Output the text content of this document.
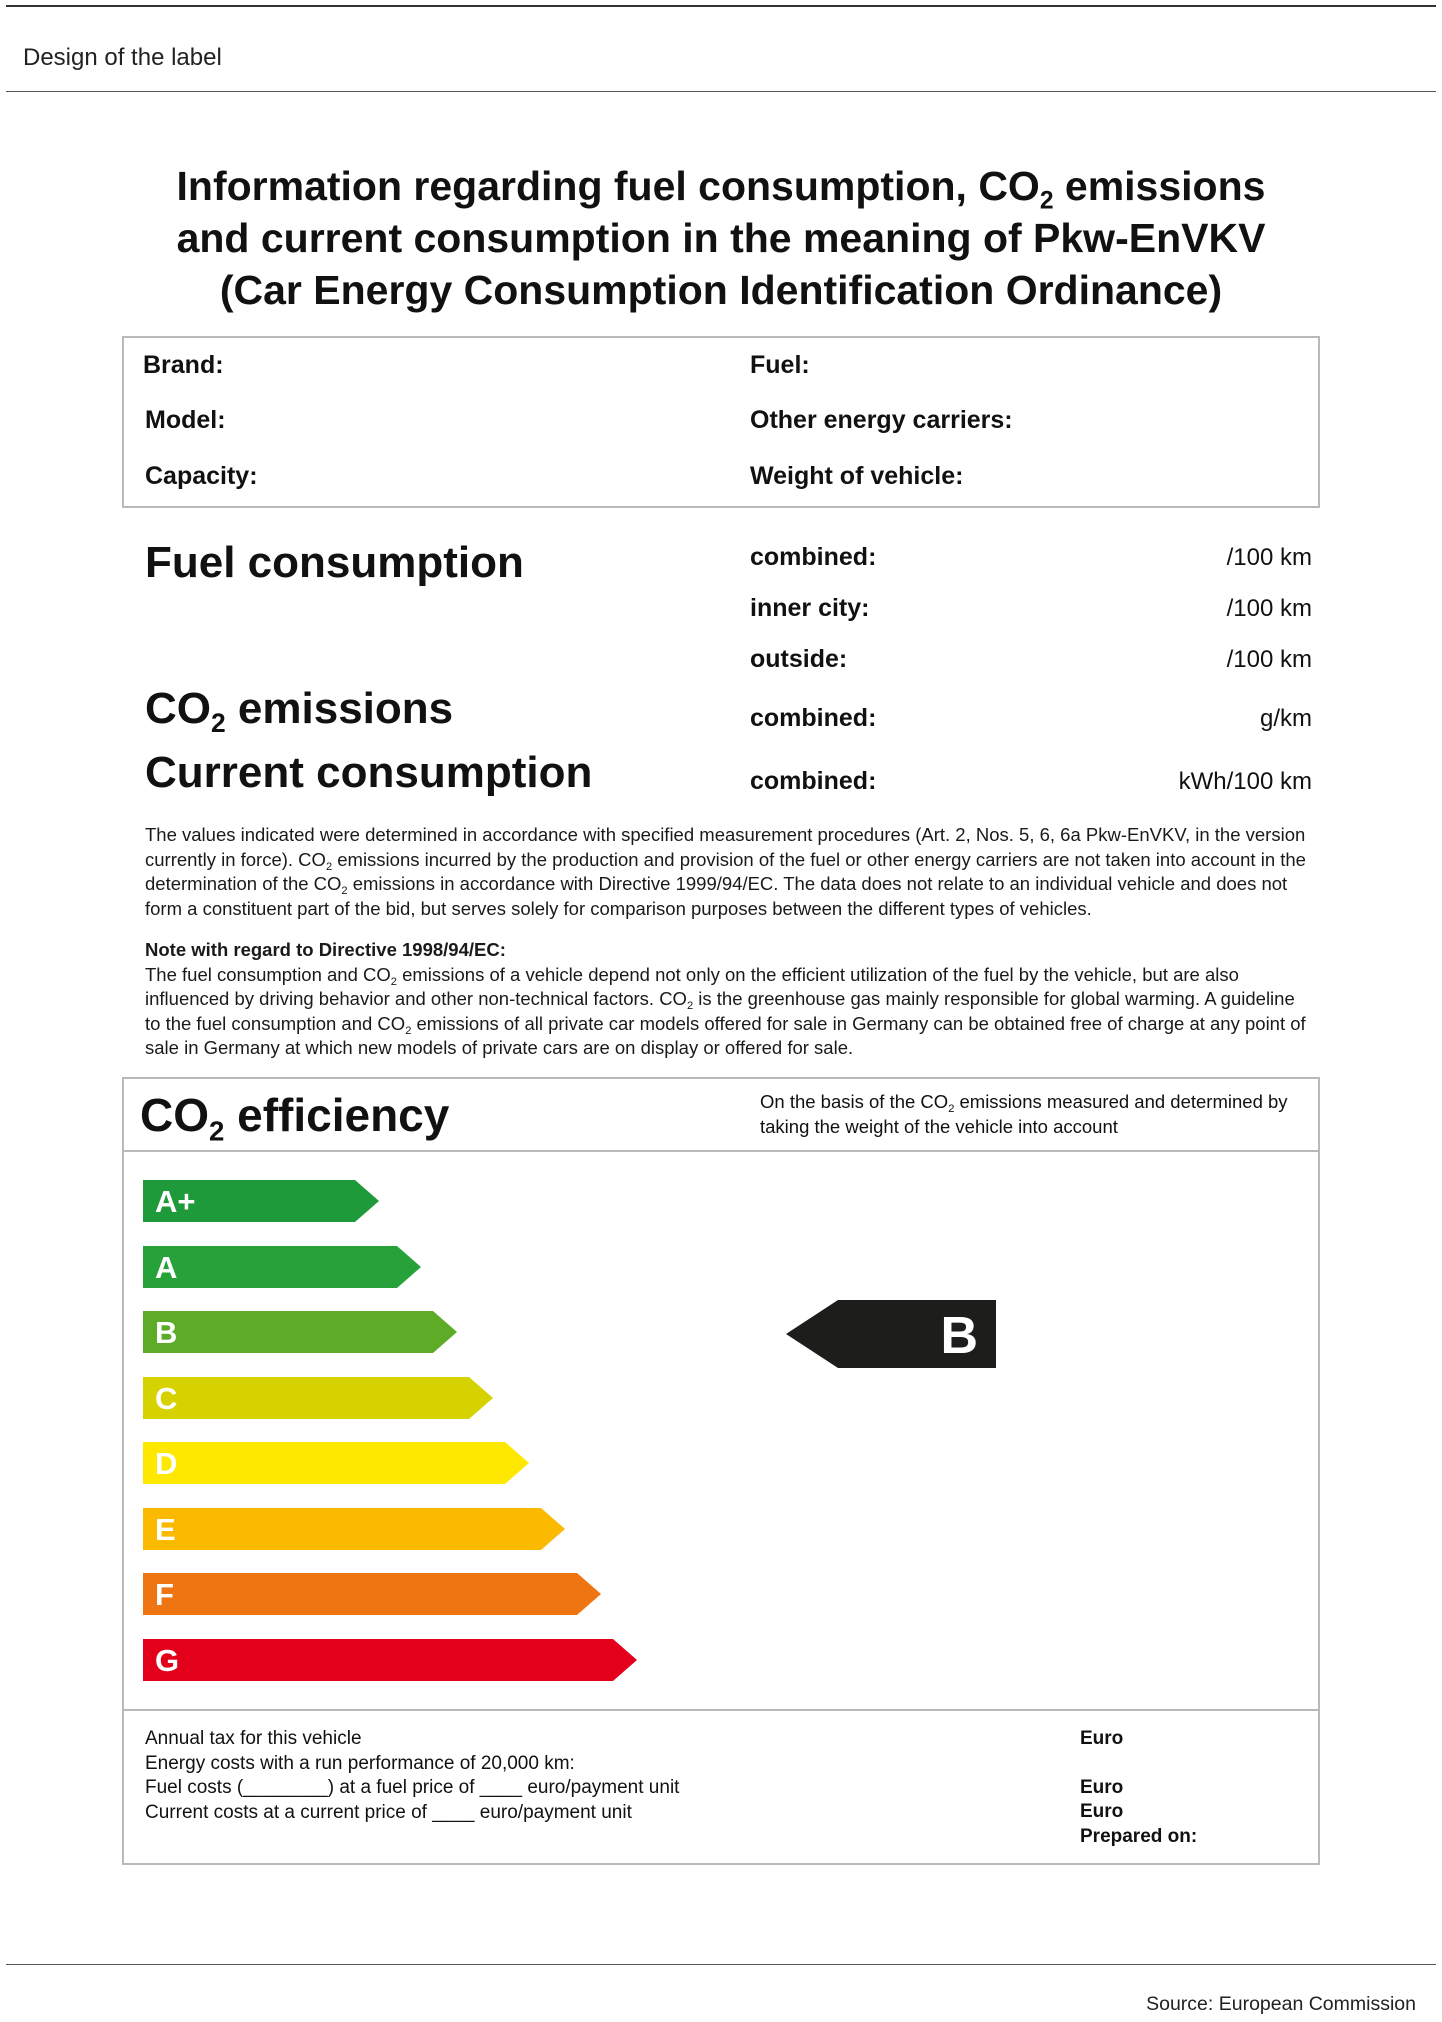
Design of the label
Information regarding fuel consumption, $CO_2$ emissions
and current consumption in the meaning of Pkw-EnVKV
(Car Energy Consumption Identification Ordinance)
Brand:
Model:
Capacity:
Fuel:
Other energy carriers:
Weight of vehicle:
Fuel consumption
$CO_2$ emissions
Current consumption
combined:
inner city:
outside:
combined:
combined:
/100 km
/100 km
/100 km
g/km
kWh/100 km
The values indicated were determined in accordance with specified measurement procedures (Art. 2, Nos. 5, 6, 6a Pkw-EnVKV, in the version currently in force). $CO_2$ emissions incurred by the production and provision of the fuel or other energy carriers are not taken into account in the determination of the $CO_2$ emissions in accordance with Directive 1999/94/EC. The data does not relate to an individual vehicle and does not form a constituent part of the bid, but serves solely for comparison purposes between the different types of vehicles.
Note with regard to Directive 1998/94/EC:
The fuel consumption and $CO_2$ emissions of a vehicle depend not only on the efficient utilization of the fuel by the vehicle, but are also influenced by driving behavior and other non-technical factors. $CO_2$ is the greenhouse gas mainly responsible for global warming. A guideline to the fuel consumption and $CO_2$ emissions of all private car models offered for sale in Germany can be obtained free of charge at any point of sale in Germany at which new models of private cars are on display or offered for sale.
$CO_2$ efficiency	On the basis of the $CO_2$ emissions measured and determined by taking the weight of the vehicle into account
A+
A
B
C
D
E
F
G
B
Annual tax for this vehicle
Energy costs with a run performance of 20,000 km:
Fuel costs (________) at a fuel price of ____ euro/payment unit
Current costs at a current price of ____ euro/payment unit
Euro
Euro
Euro
Prepared on:
Source: European Commission
